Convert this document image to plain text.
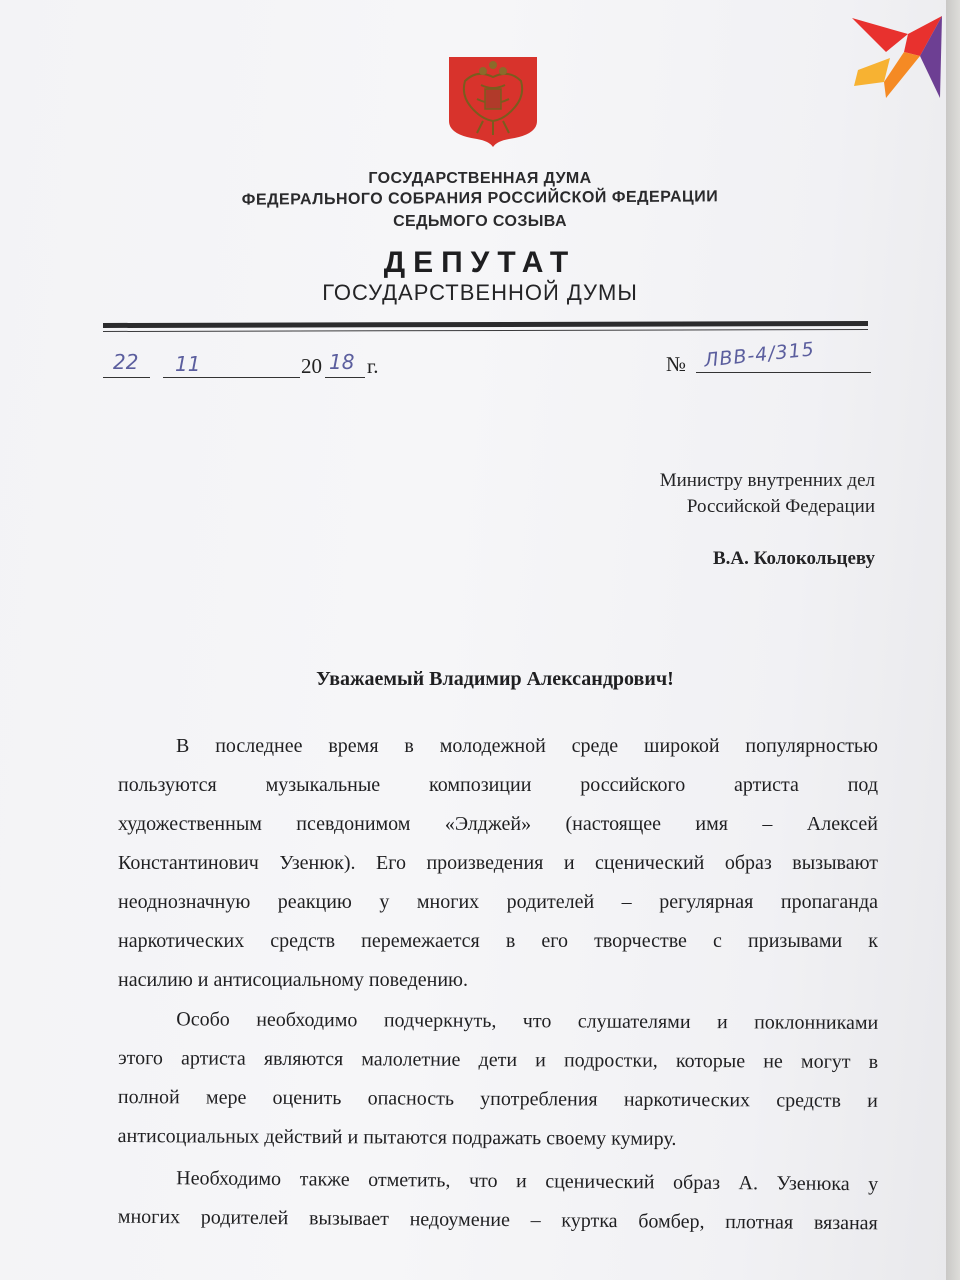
ГОСУДАРСТВЕННАЯ ДУМА
ФЕДЕРАЛЬНОГО СОБРАНИЯ РОССИЙСКОЙ ФЕДЕРАЦИИ
СЕДЬМОГО СОЗЫВА
ДЕПУТАТ
ГОСУДАРСТВЕННОЙ ДУМЫ
22 11	20 18 г.	№ ЛВВ-4/315
Министру внутренних дел
Российской Федерации
В.А. Колокольцеву
Уважаемый Владимир Александрович!
В последнее время в молодежной среде широкой популярностью
пользуются музыкальные композиции российского артиста под
художественным псевдонимом «Элджей» (настоящее имя – Алексей
Константинович Узенюк). Его произведения и сценический образ вызывают
неоднозначную реакцию у многих родителей – регулярная пропаганда
наркотических средств перемежается в его творчестве с призывами к
насилию и антисоциальному поведению.
Особо необходимо подчеркнуть, что слушателями и поклонниками
этого артиста являются малолетние дети и подростки, которые не могут в
полной мере оценить опасность употребления наркотических средств и
антисоциальных действий и пытаются подражать своему кумиру.
Необходимо также отметить, что и сценический образ А. Узенюка у
многих родителей вызывает недоумение – куртка бомбер, плотная вязаная
